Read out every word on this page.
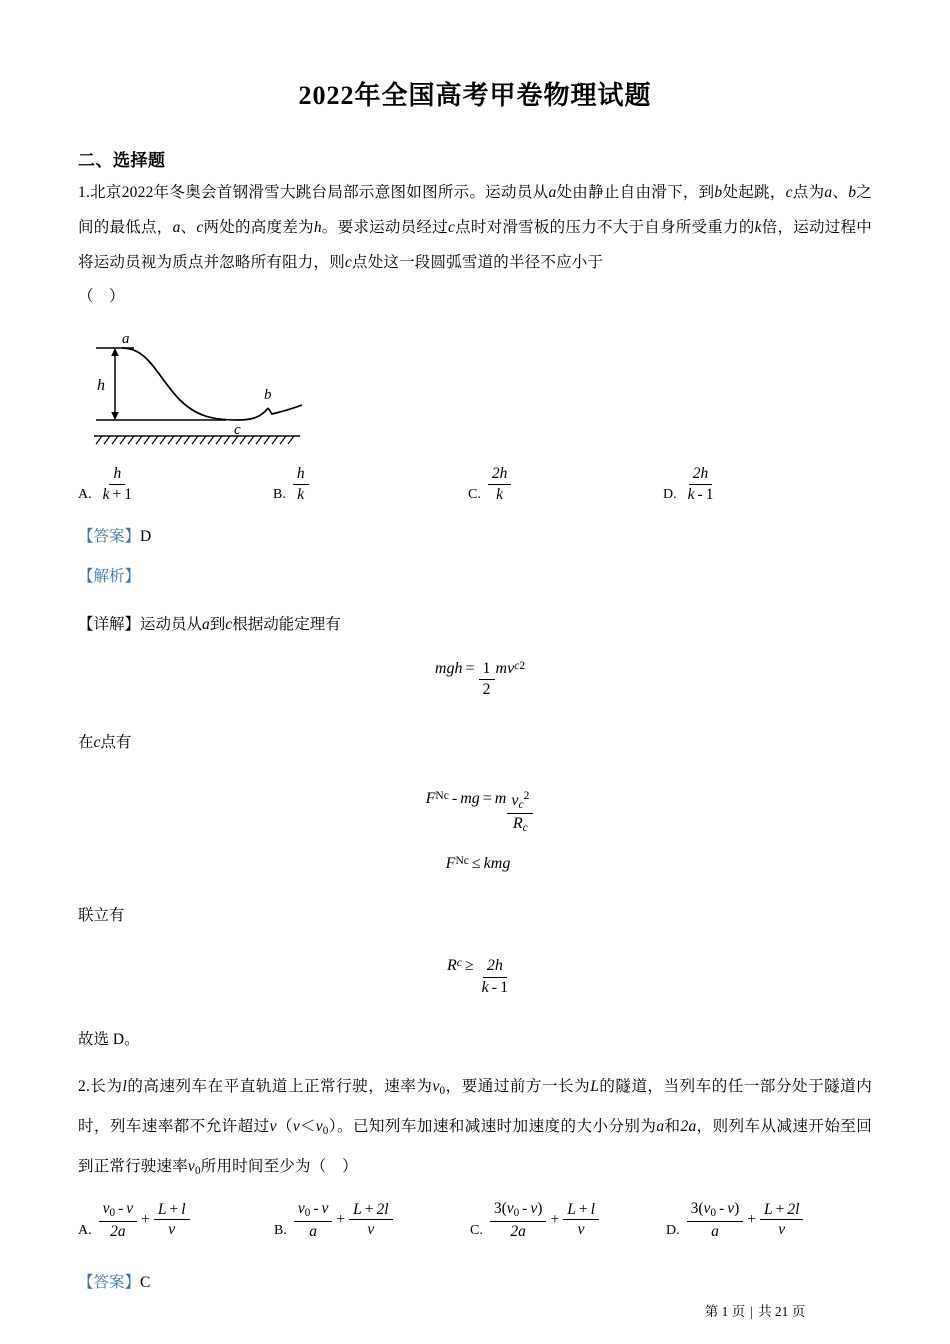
2022年全国高考甲卷物理试题
二、选择题
1.北京2022年冬奥会首钢滑雪大跳台局部示意图如图所示。运动员从a处由静止自由滑下，到b处起跳，c点为a、b之间的最低点，a、c两处的高度差为h。要求运动员经过c点时对滑雪板的压力不大于自身所受重力的k倍，运动过程中将运动员视为质点并忽略所有阻力，则c点处这一段圆弧雪道的半径不应小于
（　）
a
b
c
h
A. $\frac{h}{k + 1}$	B. $\frac{h}{k}$	C. $\frac{2h}{k}$	D. $\frac{2h}{k - 1}$
【答案】D
【解析】
【详解】运动员从a到c根据动能定理有
mgh = $\frac{1}{2}$ m v c 2
在c点有
F Nc - mg = m $\frac{v_c^2}{R_c}$
F Nc ≤ kmg
联立有
R $c \ge \frac{2h}{k - 1}$
故选 D。
2.长为l的高速列车在平直轨道上正常行驶，速率为$v_0$，要通过前方一长为L的隧道，当列车的任一部分处于隧道内时，列车速率都不允许超过$v(v<v_0)$。已知列车加速和减速时加速度的大小分别为a和2a，则列车从减速开始至回到正常行驶速率$v_0$所用时间至少为（　）
A. $\frac{v_0 - v}{2a} + \frac{L + l}{v}$	B. $\frac{v_0 - v}{a} + \frac{L + 2l}{v}$	C. $\frac{3(v_0 - v)}{2a} + \frac{L + l}{v}$	D. $\frac{3(v_0 - v)}{a} + \frac{L + 2l}{v}$
【答案】C
第 1 页 | 共 21 页
